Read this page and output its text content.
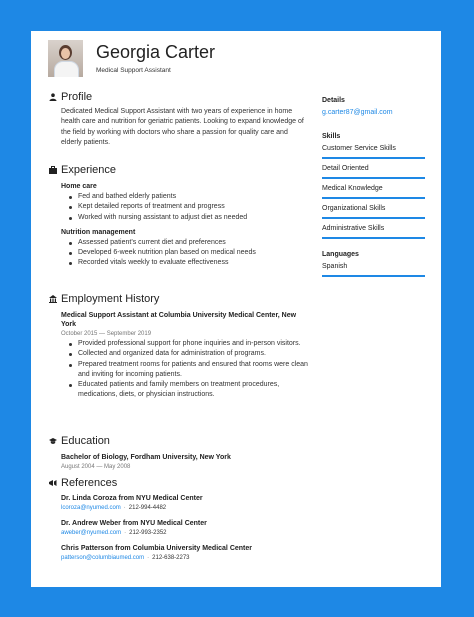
Georgia Carter
Medical Support Assistant
Profile
Dedicated Medical Support Assistant with two years of experience in home health care and nutrition for geriatric patients. Looking to expand knowledge of the field by working with doctors who share a passion for quality care and elderly patients.
Experience
Home care
Fed and bathed elderly patients
Kept detailed reports of treatment and progress
Worked with nursing assistant to adjust diet as needed
Nutrition management
Assessed patient’s current diet and preferences
Developed 6-week nutrition plan based on medical needs
Recorded vitals weekly to evaluate effectiveness
Employment History
Medical Support Assistant at Columbia University Medical Center, New York
October 2015 — September 2019
Provided professional support for phone inquiries and in-person visitors.
Collected and organized data for administration of programs.
Prepared treatment rooms for patients and ensured that rooms were clean and inviting for incoming patients.
Educated patients and family members on treatment procedures, medications, diets, or physician instructions.
Education
Bachelor of Biology, Fordham University, New York
August 2004 — May 2008
References
Dr. Linda Coroza from NYU Medical Center
lcoroza@nyumed.com · 212-994-4482
Dr. Andrew Weber from NYU Medical Center
aweber@nyumed.com · 212-993-2352
Chris Patterson from Columbia University Medical Center
patterson@columbiaumed.com · 212-638-2273
Details
g.carter87@gmail.com
Skills
Customer Service Skills
Detail Oriented
Medical Knowledge
Organizational Skills
Administrative Skills
Languages
Spanish
